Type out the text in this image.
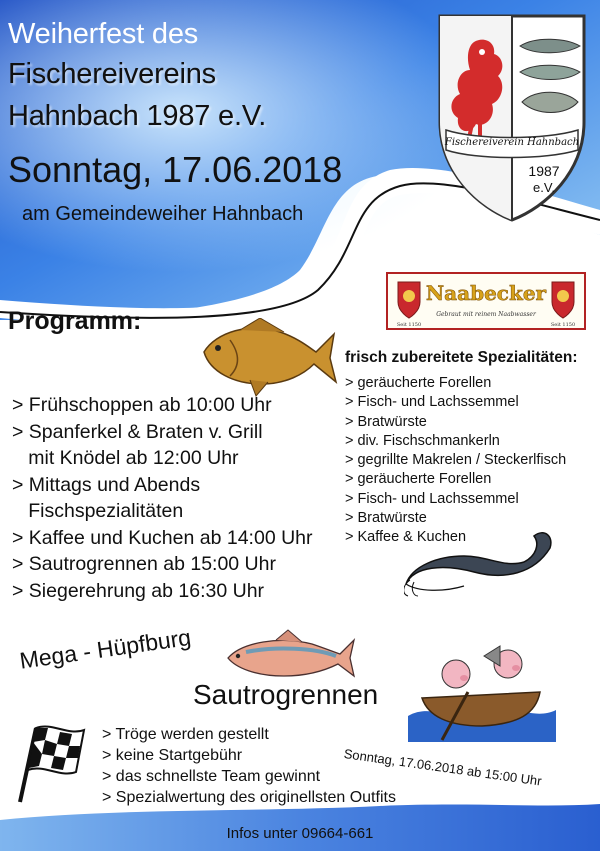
Weiherfest des
Fischereivereins
Hahnbach 1987 e.V.
Sonntag, 17.06.2018
am Gemeindeweiher Hahnbach
Fischereiverein Hahnbach
1987
e.V.
Naabecker
Gebraut mit reinem Naabwasser
Seit 1150	Seit 1150
Programm:
> Frühschoppen ab 10:00 Uhr
> Spanferkel & Braten v. Grill
mit Knödel ab 12:00 Uhr
> Mittags und Abends
Fischspezialitäten
> Kaffee und Kuchen ab 14:00 Uhr
> Sautrogrennen ab 15:00 Uhr
> Siegerehrung ab 16:30 Uhr
frisch zubereitete Spezialitäten:
> geräucherte Forellen
> Fisch- und Lachssemmel
> Bratwürste
> div. Fischschmankerln
> gegrillte Makrelen / Steckerlfisch
> geräucherte Forellen
> Fisch- und Lachssemmel
> Bratwürste
> Kaffee & Kuchen
Mega - Hüpfburg
Sautrogrennen
> Tröge werden gestellt
> keine Startgebühr
> das schnellste Team gewinnt
> Spezialwertung des originellsten Outfits
Sonntag, 17.06.2018 ab 15:00 Uhr
Infos unter 09664-661
